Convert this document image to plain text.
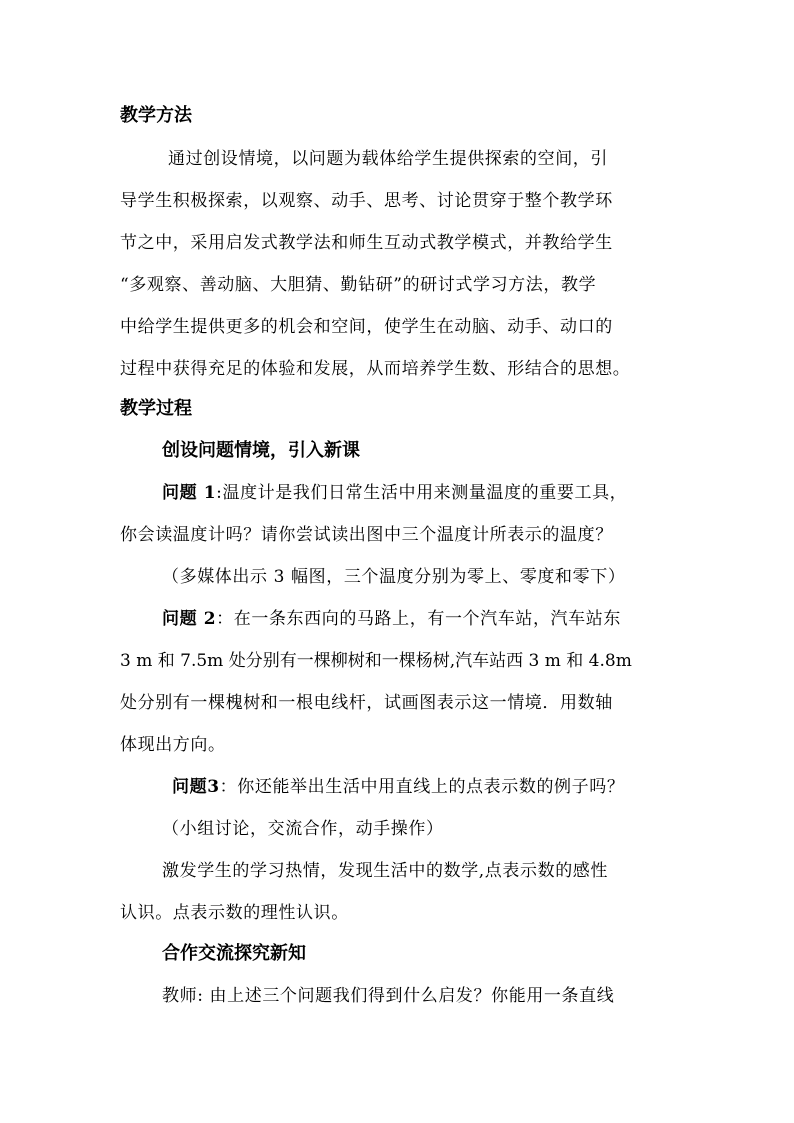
教学方法
通过创设情境，以问题为载体给学生提供探索的空间，引
导学生积极探索，以观察、动手、思考、讨论贯穿于整个教学环
节之中，采用启发式教学法和师生互动式教学模式，并教给学生
“多观察、善动脑、大胆猜、勤钻研”的研讨式学习方法，教学
中给学生提供更多的机会和空间，使学生在动脑、动手、动口的
过程中获得充足的体验和发展，从而培养学生数、形结合的思想。
教学过程
创设问题情境，引入新课
问题 1:温度计是我们日常生活中用来测量温度的重要工具，
你会读温度计吗？请你尝试读出图中三个温度计所表示的温度？
（多媒体出示 3 幅图，三个温度分别为零上、零度和零下）
问题 2：在一条东西向的马路上，有一个汽车站，汽车站东
3 m 和 7.5m 处分别有一棵柳树和一棵杨树,汽车站西 3 m 和 4.8m
处分别有一棵槐树和一根电线杆，试画图表示这一情境．用数轴
体现出方向。
问题3：你还能举出生活中用直线上的点表示数的例子吗？
（小组讨论，交流合作，动手操作）
激发学生的学习热情，发现生活中的数学,点表示数的感性
认识。点表示数的理性认识。
合作交流探究新知
教师: 由上述三个问题我们得到什么启发？你能用一条直线
